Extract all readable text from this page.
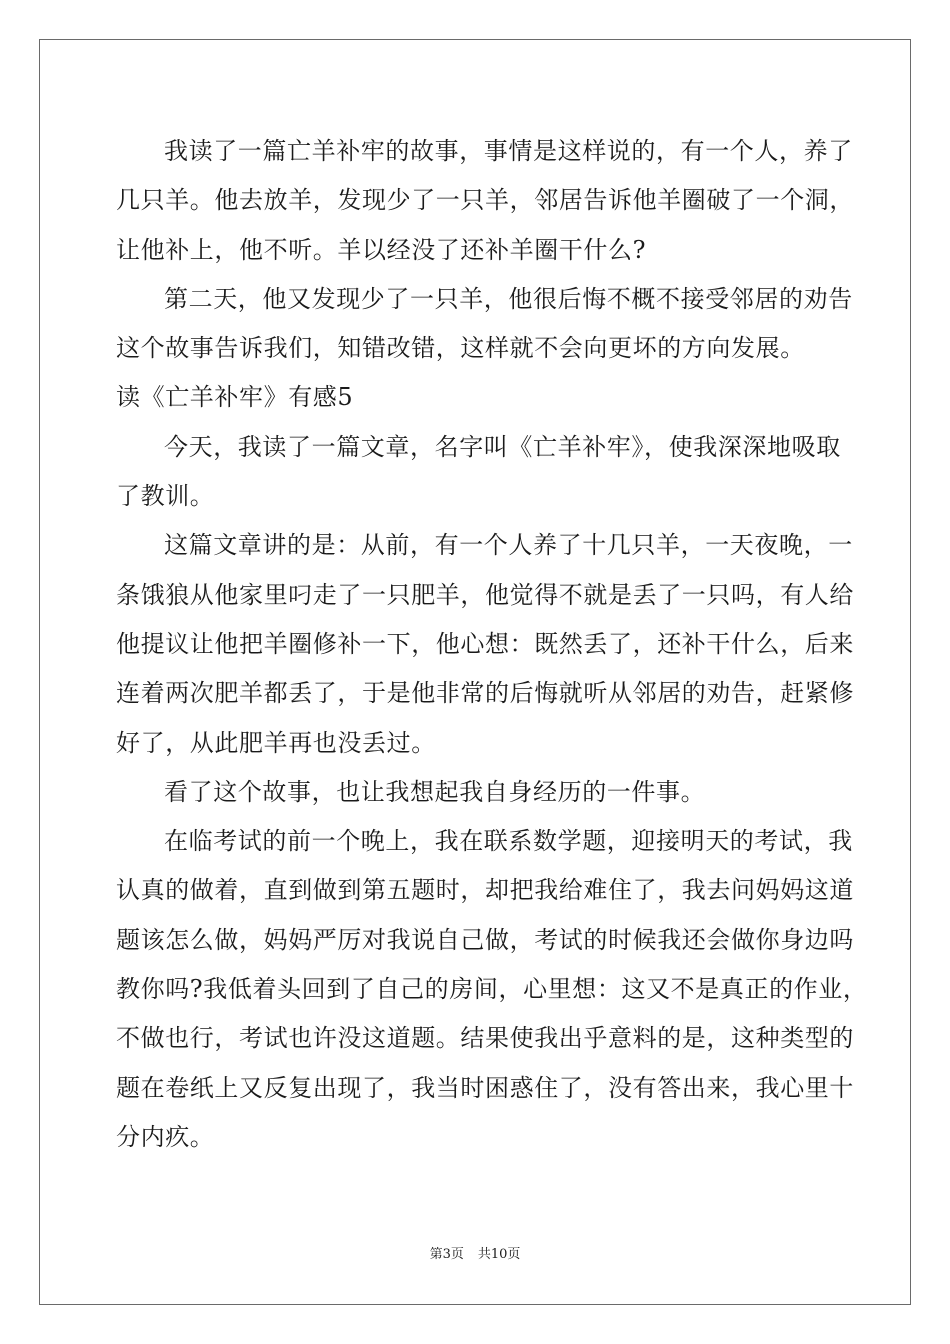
我读了一篇亡羊补牢的故事，事情是这样说的，有一个人，养了
几只羊。他去放羊，发现少了一只羊，邻居告诉他羊圈破了一个洞，
让他补上，他不听。羊以经没了还补羊圈干什么?
第二天，他又发现少了一只羊，他很后悔不概不接受邻居的劝告
这个故事告诉我们，知错改错，这样就不会向更坏的方向发展。
读《亡羊补牢》有感5
今天，我读了一篇文章，名字叫《亡羊补牢》，使我深深地吸取
了教训。
这篇文章讲的是：从前，有一个人养了十几只羊，一天夜晚，一
条饿狼从他家里叼走了一只肥羊，他觉得不就是丢了一只吗，有人给
他提议让他把羊圈修补一下，他心想：既然丢了，还补干什么，后来
连着两次肥羊都丢了，于是他非常的后悔就听从邻居的劝告，赶紧修
好了，从此肥羊再也没丢过。
看了这个故事，也让我想起我自身经历的一件事。
在临考试的前一个晚上，我在联系数学题，迎接明天的考试，我
认真的做着，直到做到第五题时，却把我给难住了，我去问妈妈这道
题该怎么做，妈妈严厉对我说自己做，考试的时候我还会做你身边吗
教你吗?我低着头回到了自己的房间，心里想：这又不是真正的作业，
不做也行，考试也许没这道题。结果使我出乎意料的是，这种类型的
题在卷纸上又反复出现了，我当时困惑住了，没有答出来，我心里十
分内疚。
第3页 共10页
